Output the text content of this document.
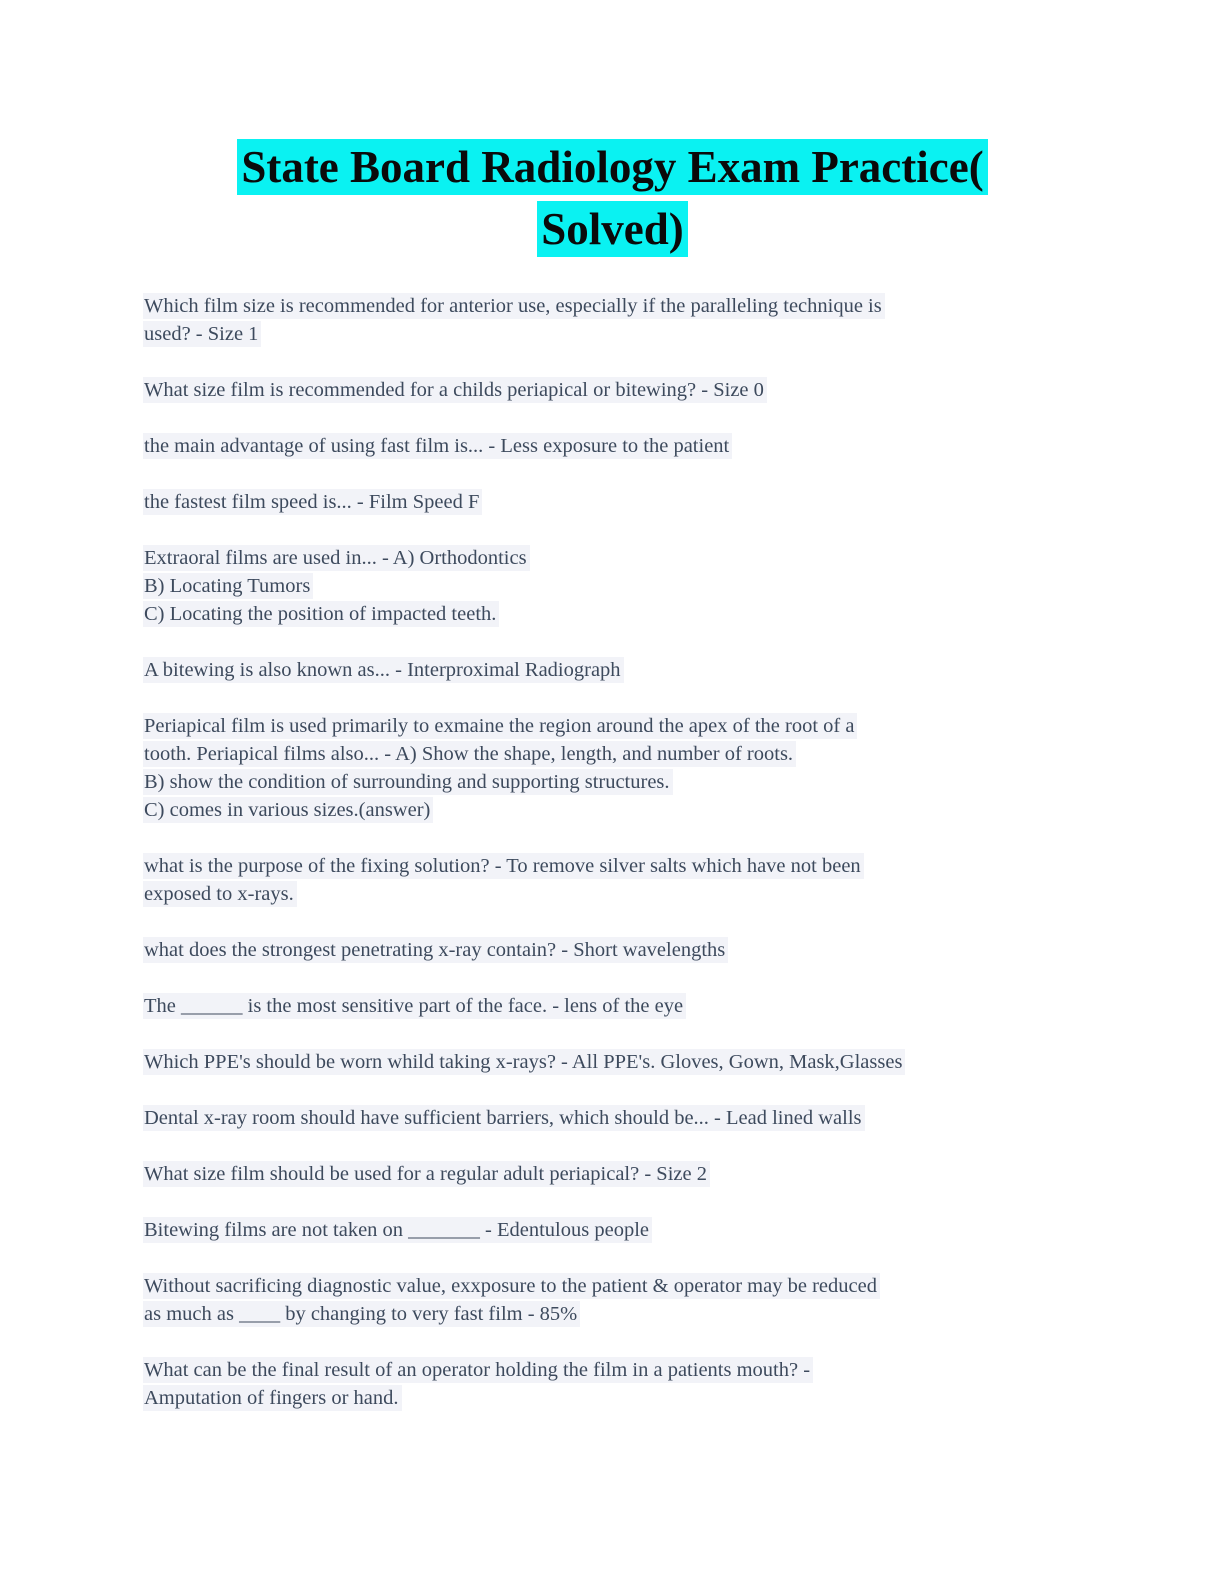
State Board Radiology Exam Practice(
Solved)

Which film size is recommended for anterior use, especially if the paralleling technique is
used? - Size 1

What size film is recommended for a childs periapical or bitewing? - Size 0

the main advantage of using fast film is... - Less exposure to the patient

the fastest film speed is... - Film Speed F

Extraoral films are used in... - A) Orthodontics
B) Locating Tumors
C) Locating the position of impacted teeth.

A bitewing is also known as... - Interproximal Radiograph

Periapical film is used primarily to exmaine the region around the apex of the root of a
tooth. Periapical films also... - A) Show the shape, length, and number of roots.
B) show the condition of surrounding and supporting structures.
C) comes in various sizes.(answer)

what is the purpose of the fixing solution? - To remove silver salts which have not been
exposed to x-rays.

what does the strongest penetrating x-ray contain? - Short wavelengths

The ______ is the most sensitive part of the face. - lens of the eye

Which PPE's should be worn whild taking x-rays? - All PPE's. Gloves, Gown, Mask,Glasses

Dental x-ray room should have sufficient barriers, which should be... - Lead lined walls

What size film should be used for a regular adult periapical? - Size 2

Bitewing films are not taken on _______ - Edentulous people

Without sacrificing diagnostic value, exxposure to the patient & operator may be reduced
as much as ____ by changing to very fast film - 85%

What can be the final result of an operator holding the film in a patients mouth? -
Amputation of fingers or hand.
